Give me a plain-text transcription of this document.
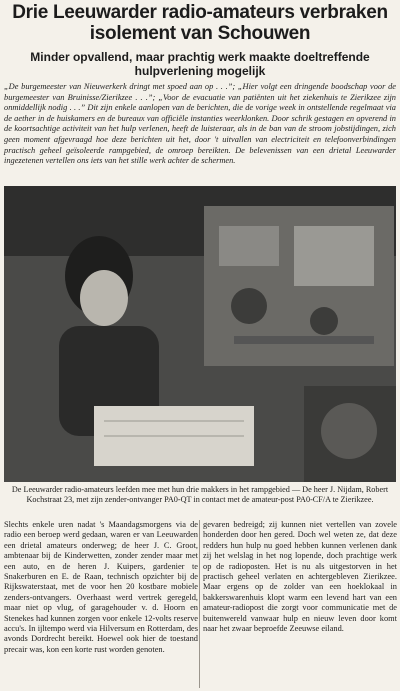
Drie Leeuwarder radio-amateurs verbraken isolement van Schouwen
Minder opvallend, maar prachtig werk maakte doeltreffende hulpverlening mogelijk
„De burgemeester van Nieuwerkerk dringt met spoed aan op . . .”; „Hier volgt een dringende boodschap voor de burgemeester van Bruinisse/Zierikzee . . .”; „Voor de evacuatie van patiënten uit het ziekenhuis te Zierikzee zijn onmiddellijk nodig . . .” Dit zijn enkele aanlopen van de berichten, die de vorige week in ontstellende regelmaat via de aether in de huiskamers en de bureaux van officiële instanties weerklonken. Door schrik gestagen en opverend in de koortsachtige activiteit van het hulp verlenen, heeft de luisteraar, als in de ban van de stroom jobstijdingen, zich geen moment afgevraagd hoe deze berichten uit het, door 't uitvallen van electriciteit en telefoonverbindingen practisch geheel geïsoleerde rampgebied, de omroep bereikten. De belevenissen van een drietal Leeuwarder ingezetenen vertellen ons iets van het stille werk achter de schermen.
De Leeuwarder radio-amateurs leefden mee met hun drie makkers in het rampgebied — De heer J. Nijdam, Robert Kochstraat 23, met zijn zender-ontvanger PA0-QT in contact met de amateur-post PA0-CF/A te Zierikzee.

Slechts enkele uren nadat 's Maandagsmorgens via de radio een beroep werd gedaan, waren er van Leeuwarden een drietal amateurs onderweg; de heer J. C. Groot, ambtenaar bij de Kinderwetten, zonder zender maar met een auto, en de heren J. Kuipers, gardenier te Snakerburen en E. de Raan, technisch opzichter bij de Rijkswaterstaat, met de voor hen 20 kostbare mobiele zenders-ontvangers. Overhaast werd vertrek geregeld, maar niet op vlug, of garagehouder v. d. Hoorn en Stenekes had kunnen zorgen voor enkele 12-volts reserve accu's. In ijltempo werd via Hilversum en Rotterdam, des avonds Dordrecht bereikt. Hoewel ook hier de toestand precair was, kon een korte rust worden genoten.

gevaren bedreigd; zij kunnen niet vertellen van zovele honderden door hen gered. Doch wel weten ze, dat deze redders hun hulp nu goed hebben kunnen verlenen dank zij het welslag in het nog lopende, doch prachtige werk op de radioposten. Het is nu als uitgestorven in het practisch geheel verlaten en achtergebleven Zierikzee. Maar ergens op de zolder van een hoeklokaal in bakkerswarenhuis klopt warm een levend hart van een amateur-radiopost die zorgt voor communicatie met de buitenwereld vanwaar hulp en nieuw leven door komt naar het zwaar beproefde Zeeuwse eiland.
